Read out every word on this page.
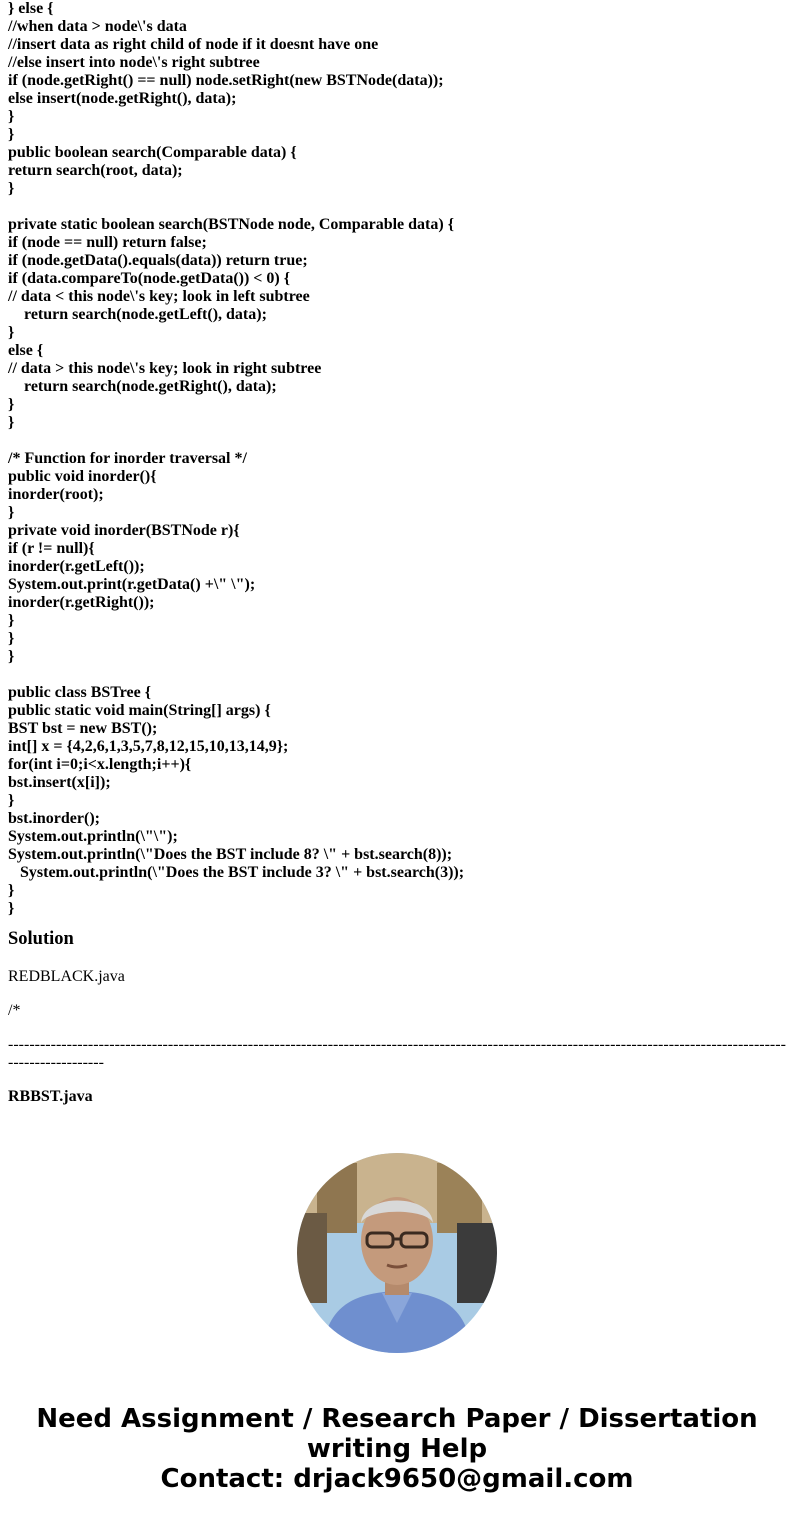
} else {
//when data > node\'s data
//insert data as right child of node if it doesnt have one
//else insert into node\'s right subtree
if (node.getRight() == null) node.setRight(new BSTNode(data));
else insert(node.getRight(), data);
}
}
public boolean search(Comparable data) {
return search(root, data);
}
private static boolean search(BSTNode node, Comparable data) {
if (node == null) return false;
if (node.getData().equals(data)) return true;
if (data.compareTo(node.getData()) < 0) {
// data < this node\'s key; look in left subtree
return search(node.getLeft(), data);
}
else {
// data > this node\'s key; look in right subtree
return search(node.getRight(), data);
}
}
/* Function for inorder traversal */
public void inorder(){
inorder(root);
}
private void inorder(BSTNode r){
if (r != null){
inorder(r.getLeft());
System.out.print(r.getData() +\" \");
inorder(r.getRight());
}
}
}
public class BSTree {
public static void main(String[] args) {
BST bst = new BST();
int[] x = {4,2,6,1,3,5,7,8,12,15,10,13,14,9};
for(int i=0;i<x.length;i++){
bst.insert(x[i]);
}
bst.inorder();
System.out.println(\"\");
System.out.println(\"Does the BST include 8? \" + bst.search(8));
System.out.println(\"Does the BST include 3? \" + bst.search(3));
}
}
Solution
REDBLACK.java
/*
--------------------------------------------------------------------------------------------------------------------------------------------------------------------
RBBST.java
Need Assignment / Research Paper / Dissertation
writing Help
Contact: drjack9650@gmail.com
